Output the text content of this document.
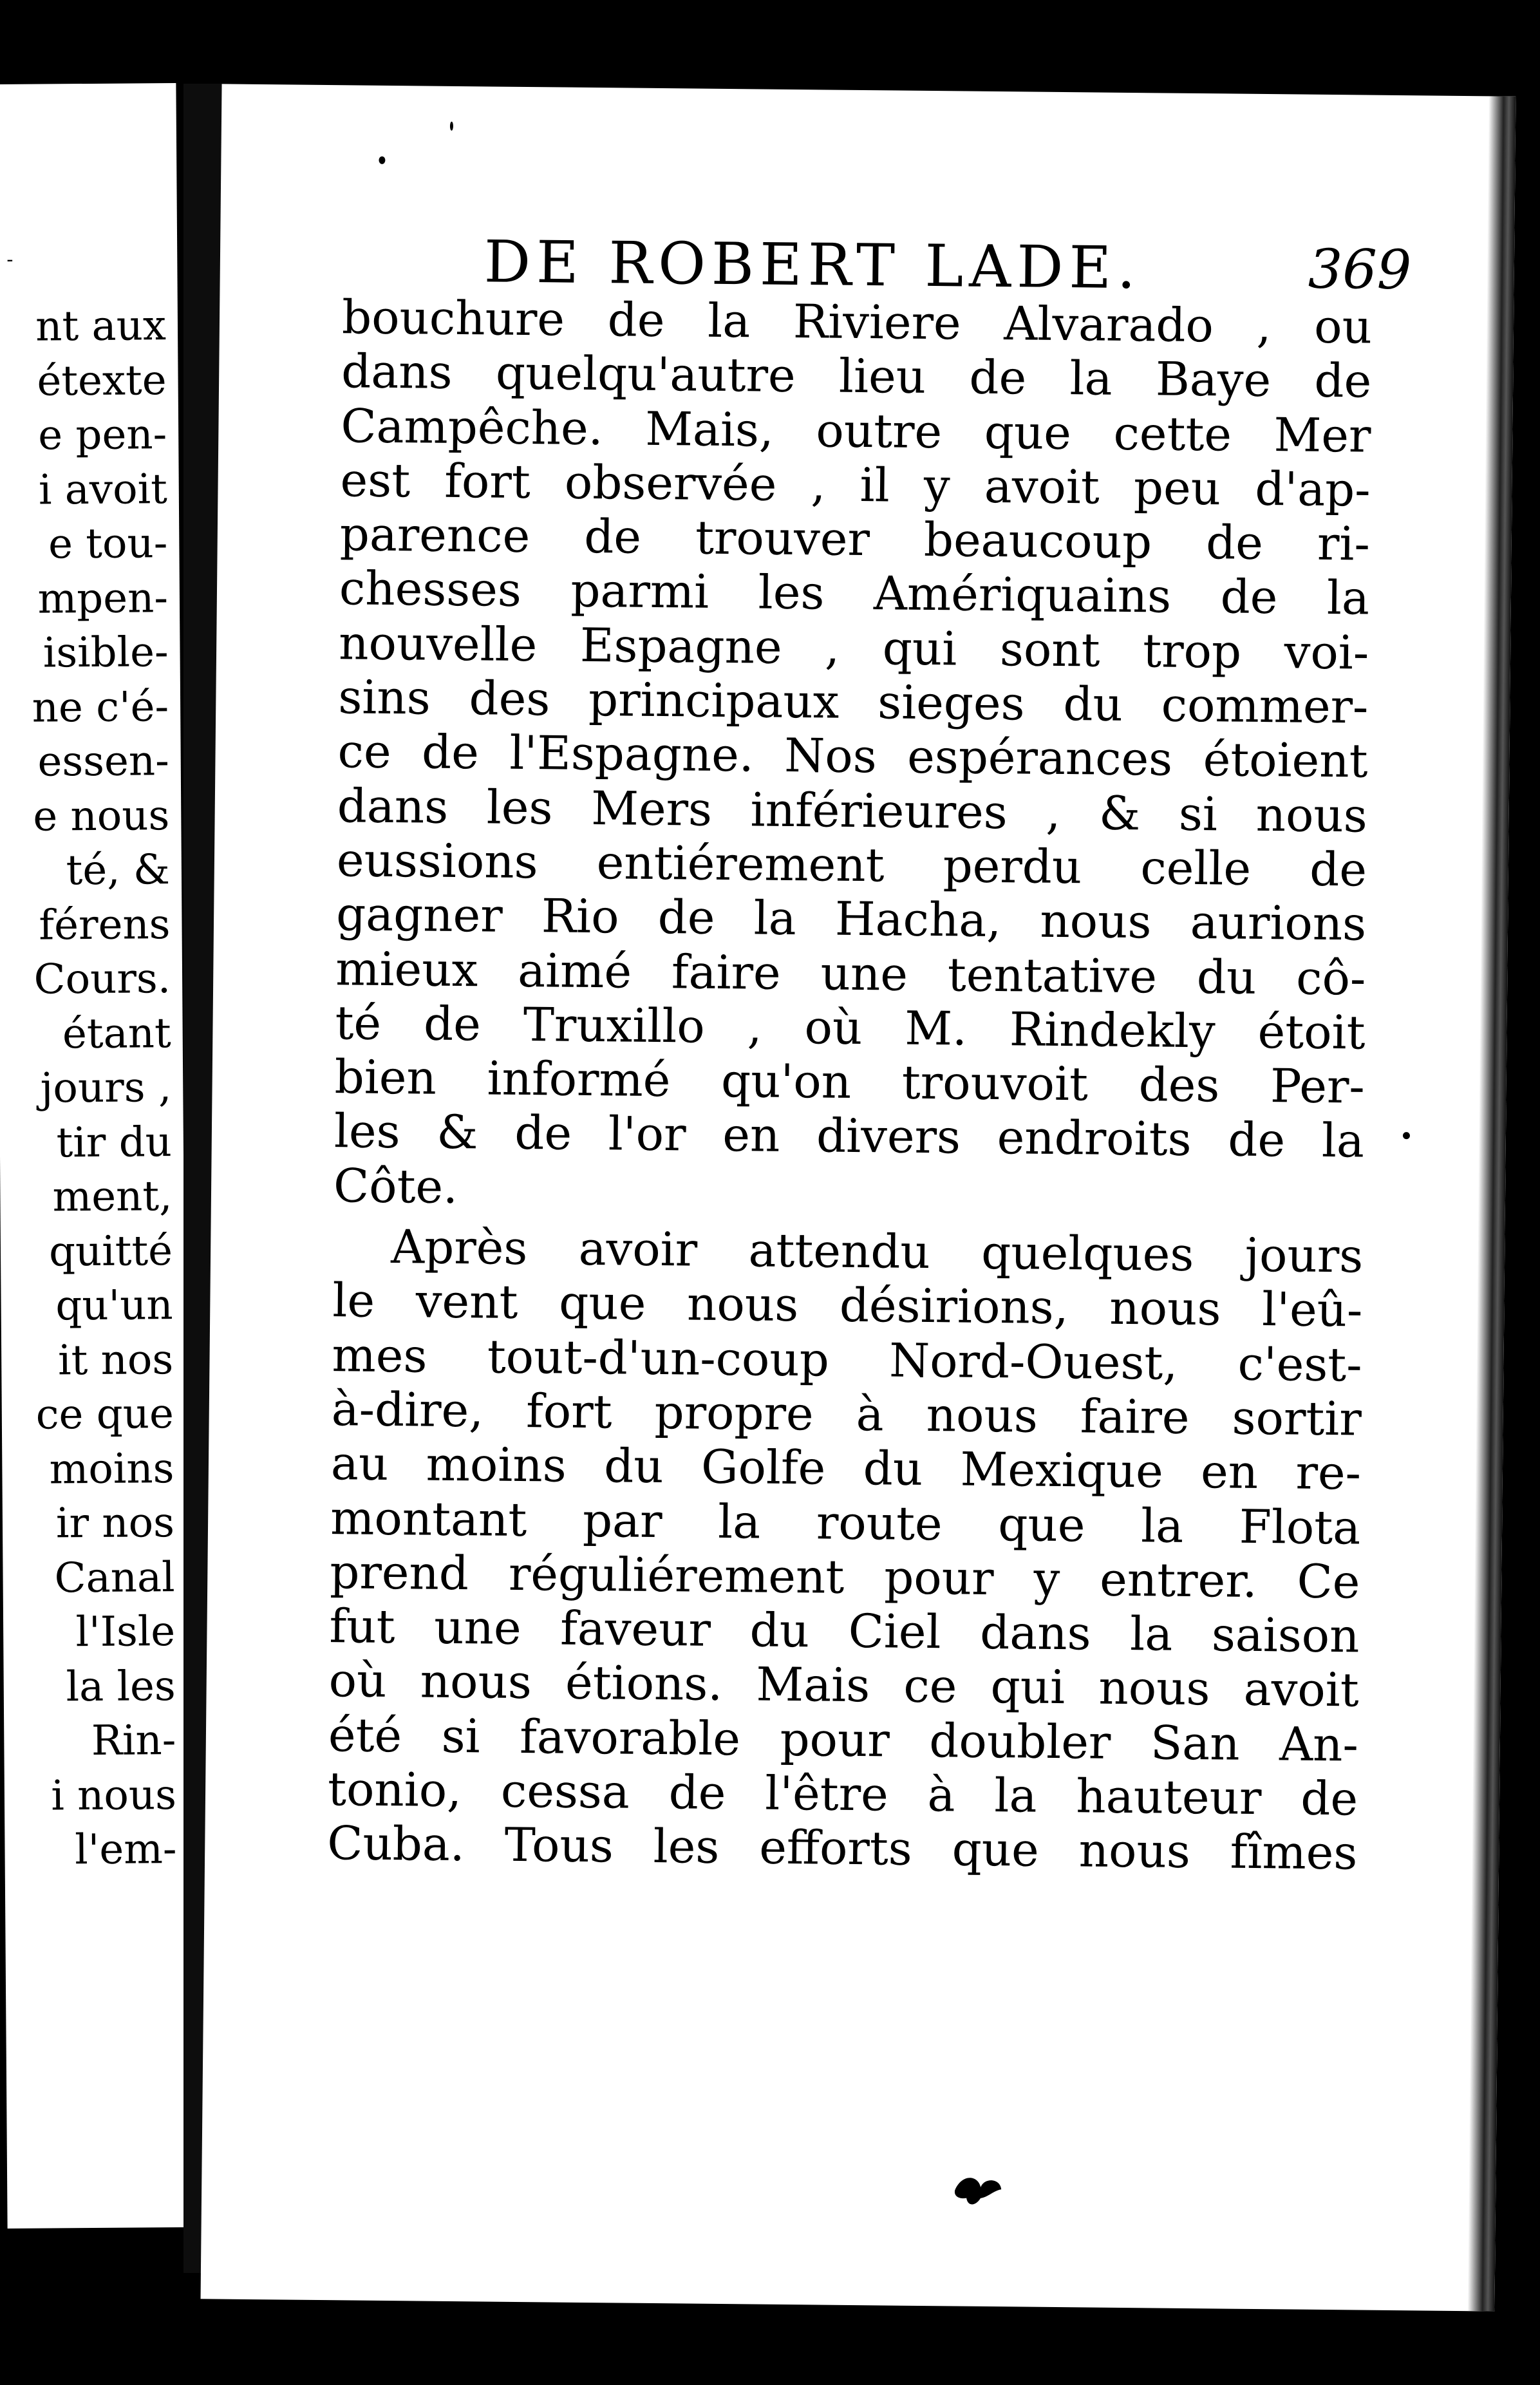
-
nt aux
étexte
e pen-
i avoit
e tou-
mpen-
isible-
ne c'é-
essen-
e nous
té, &
férens
Cours.
étant
jours ,
tir du
ment,
quitté
qu'un
it nos
ce que
moins
ir nos
Canal
l'Isle
la les
Rin-
i nous
l'em-
DE ROBERT LADE.	369
bouchure de la Riviere Alvarado , ou
dans quelqu'autre lieu de la Baye de
Campêche. Mais, outre que cette Mer
est fort observée , il y avoit peu d'ap-
parence de trouver beaucoup de ri-
chesses parmi les Amériquains de la
nouvelle Espagne , qui sont trop voi-
sins des principaux sieges du commer-
ce de l'Espagne. Nos espérances étoient
dans les Mers inférieures , & si nous
eussions entiérement perdu celle de
gagner Rio de la Hacha, nous aurions
mieux aimé faire une tentative du cô-
té de Truxillo , où M. Rindekly étoit
bien informé qu'on trouvoit des Per-
les & de l'or en divers endroits de la
Côte.
Après avoir attendu quelques jours
le vent que nous désirions, nous l'eû-
mes tout-d'un-coup Nord-Ouest, c'est-
à-dire, fort propre à nous faire sortir
au moins du Golfe du Mexique en re-
montant par la route que la Flota
prend réguliérement pour y entrer. Ce
fut une faveur du Ciel dans la saison
où nous étions. Mais ce qui nous avoit
été si favorable pour doubler San An-
tonio, cessa de l'être à la hauteur de
Cuba. Tous les efforts que nous fîmes
